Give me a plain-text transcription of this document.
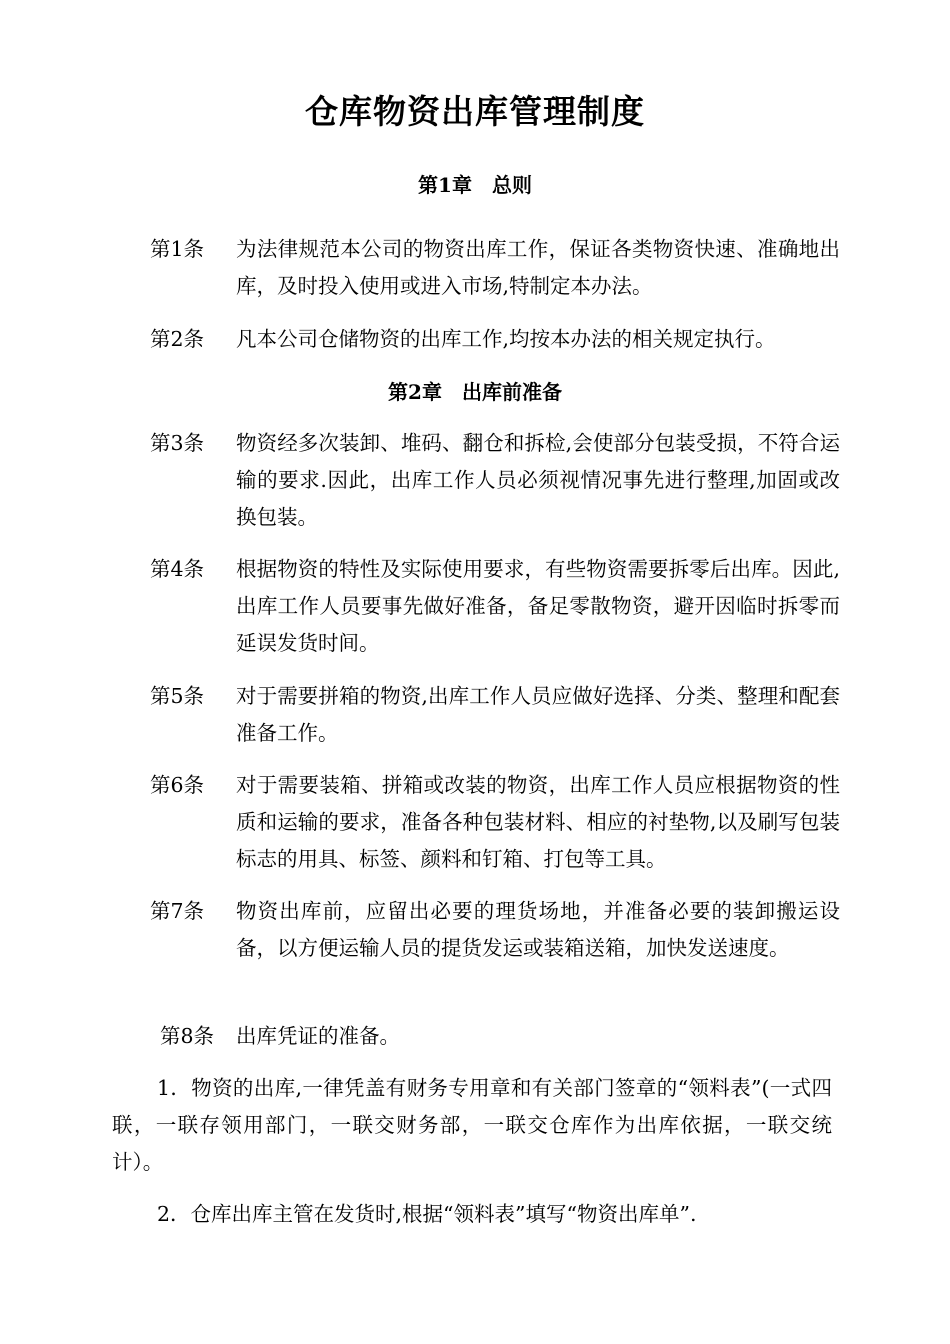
仓库物资出库管理制度
第1章　总则
第1条	为法律规范本公司的物资出库工作，保证各类物资快速、准确地出库，及时投入使用或进入市场,特制定本办法。
第2条	凡本公司仓储物资的出库工作,均按本办法的相关规定执行。
第2章　出库前准备
第3条	物资经多次装卸、堆码、翻仓和拆检,会使部分包装受损，不符合运输的要求.因此，出库工作人员必须视情况事先进行整理,加固或改换包装。
第4条	根据物资的特性及实际使用要求，有些物资需要拆零后出库。因此,出库工作人员要事先做好准备，备足零散物资，避开因临时拆零而延误发货时间。
第5条	对于需要拼箱的物资,出库工作人员应做好选择、分类、整理和配套准备工作。
第6条	对于需要装箱、拼箱或改装的物资，出库工作人员应根据物资的性质和运输的要求，准备各种包装材料、相应的衬垫物,以及刷写包装标志的用具、标签、颜料和钉箱、打包等工具。
第7条	物资出库前，应留出必要的理货场地，并准备必要的装卸搬运设备，以方便运输人员的提货发运或装箱送箱，加快发送速度。
第8条 出库凭证的准备。
1．物资的出库,一律凭盖有财务专用章和有关部门签章的“领料表”(一式四联，一联存领用部门，一联交财务部，一联交仓库作为出库依据，一联交统计）。
2．仓库出库主管在发货时,根据“领料表”填写“物资出库单”.
